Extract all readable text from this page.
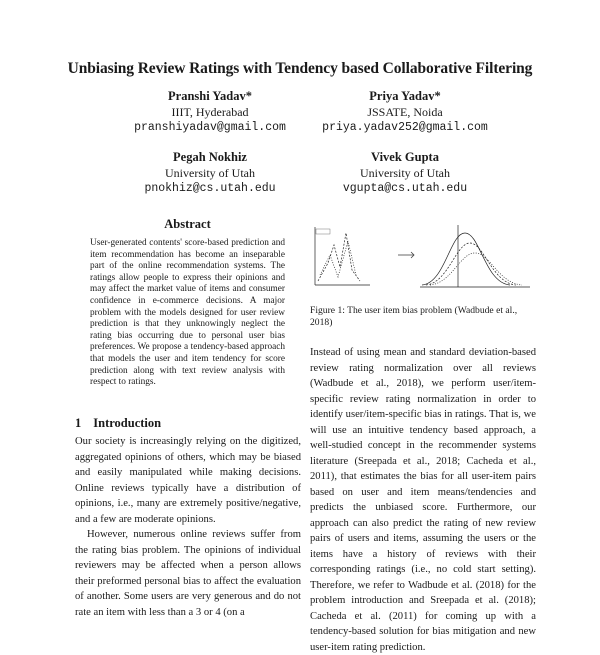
Unbiasing Review Ratings with Tendency based Collaborative Filtering
Pranshi Yadav*
IIIT, Hyderabad
pranshiyadav@gmail.com
Priya Yadav*
JSSATE, Noida
priya.yadav252@gmail.com
Pegah Nokhiz
University of Utah
pnokhiz@cs.utah.edu
Vivek Gupta
University of Utah
vgupta@cs.utah.edu
Abstract
User-generated contents' score-based prediction and item recommendation has become an inseparable part of the online recommendation systems. The ratings allow people to express their opinions and may affect the market value of items and consumer confidence in e-commerce decisions. A major problem with the models designed for user review prediction is that they unknowingly neglect the rating bias occurring due to personal user bias preferences. We propose a tendency-based approach that models the user and item tendency for score prediction along with text review analysis with respect to ratings.
1 Introduction

Our society is increasingly relying on the digitized, aggregated opinions of others, which may be biased and easily manipulated while making decisions. Online reviews typically have a distribution of opinions, i.e., many are extremely positive/negative, and a few are moderate opinions.

However, numerous online reviews suffer from the rating bias problem. The opinions of individual reviewers may be affected when a person allows their preformed personal bias to affect the evaluation of another. Some users are very generous and do not rate an item with less than a 3 or 4 (on a

Figure 1: The user item bias problem (Wadbude et al., 2018)
Instead of using mean and standard deviation-based review rating normalization over all reviews (Wadbude et al., 2018), we perform user/item-specific review rating normalization in order to identify user/item-specific bias in ratings. That is, we will use an intuitive tendency based approach, a well-studied concept in the recommender systems literature (Sreepada et al., 2018; Cacheda et al., 2011), that estimates the bias for all user-item pairs based on user and item means/tendencies and predicts the unbiased score. Furthermore, our approach can also predict the rating of new review pairs of users and items, assuming the users or the items have a history of reviews with their corresponding ratings (i.e., no cold start setting). Therefore, we refer to Wadbude et al. (2018) for the problem introduction and Sreepada et al. (2018); Cacheda et al. (2011) for coming up with a tendency-based solution for bias mitigation and new user-item rating prediction.
